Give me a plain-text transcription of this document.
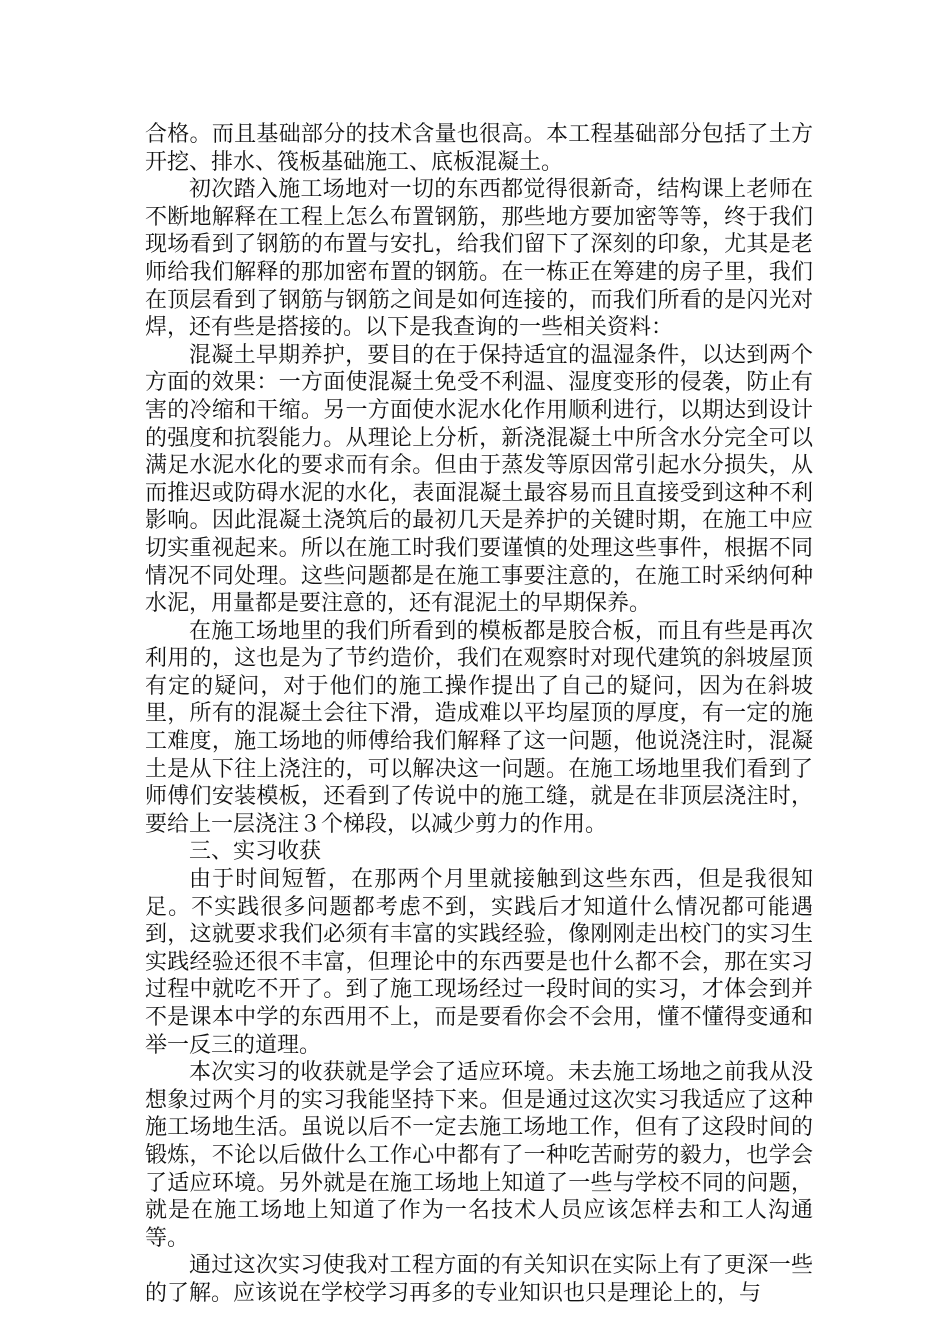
合格。而且基础部分的技术含量也很高。本工程基础部分包括了土方开挖、排水、筏板基础施工、底板混凝土。

初次踏入施工场地对一切的东西都觉得很新奇，结构课上老师在不断地解释在工程上怎么布置钢筋，那些地方要加密等等，终于我们现场看到了钢筋的布置与安扎，给我们留下了深刻的印象，尤其是老师给我们解释的那加密布置的钢筋。在一栋正在筹建的房子里，我们在顶层看到了钢筋与钢筋之间是如何连接的，而我们所看的是闪光对焊，还有些是搭接的。以下是我查询的一些相关资料：

混凝土早期养护，要目的在于保持适宜的温湿条件，以达到两个方面的效果：一方面使混凝土免受不利温、湿度变形的侵袭，防止有害的冷缩和干缩。另一方面使水泥水化作用顺利进行，以期达到设计的强度和抗裂能力。从理论上分析，新浇混凝土中所含水分完全可以满足水泥水化的要求而有余。但由于蒸发等原因常引起水分损失，从而推迟或防碍水泥的水化，表面混凝土最容易而且直接受到这种不利影响。因此混凝土浇筑后的最初几天是养护的关键时期，在施工中应切实重视起来。所以在施工时我们要谨慎的处理这些事件，根据不同情况不同处理。这些问题都是在施工事要注意的，在施工时采纳何种水泥，用量都是要注意的，还有混泥土的早期保养。

在施工场地里的我们所看到的模板都是胶合板，而且有些是再次利用的，这也是为了节约造价，我们在观察时对现代建筑的斜坡屋顶有定的疑问，对于他们的施工操作提出了自己的疑问，因为在斜坡里，所有的混凝土会往下滑，造成难以平均屋顶的厚度，有一定的施工难度，施工场地的师傅给我们解释了这一问题，他说浇注时，混凝土是从下往上浇注的，可以解决这一问题。在施工场地里我们看到了师傅们安装模板，还看到了传说中的施工缝，就是在非顶层浇注时，要给上一层浇注３个梯段，以减少剪力的作用。

三、实习收获

由于时间短暂，在那两个月里就接触到这些东西，但是我很知足。不实践很多问题都考虑不到，实践后才知道什么情况都可能遇到，这就要求我们必须有丰富的实践经验，像刚刚走出校门的实习生实践经验还很不丰富，但理论中的东西要是也什么都不会，那在实习过程中就吃不开了。到了施工现场经过一段时间的实习，才体会到并不是课本中学的东西用不上，而是要看你会不会用，懂不懂得变通和举一反三的道理。

本次实习的收获就是学会了适应环境。未去施工场地之前我从没想象过两个月的实习我能坚持下来。但是通过这次实习我适应了这种施工场地生活。虽说以后不一定去施工场地工作，但有了这段时间的锻炼，不论以后做什么工作心中都有了一种吃苦耐劳的毅力，也学会了适应环境。另外就是在施工场地上知道了一些与学校不同的问题，就是在施工场地上知道了作为一名技术人员应该怎样去和工人沟通等。

通过这次实习使我对工程方面的有关知识在实际上有了更深一些的了解。应该说在学校学习再多的专业知识也只是理论上的，与
